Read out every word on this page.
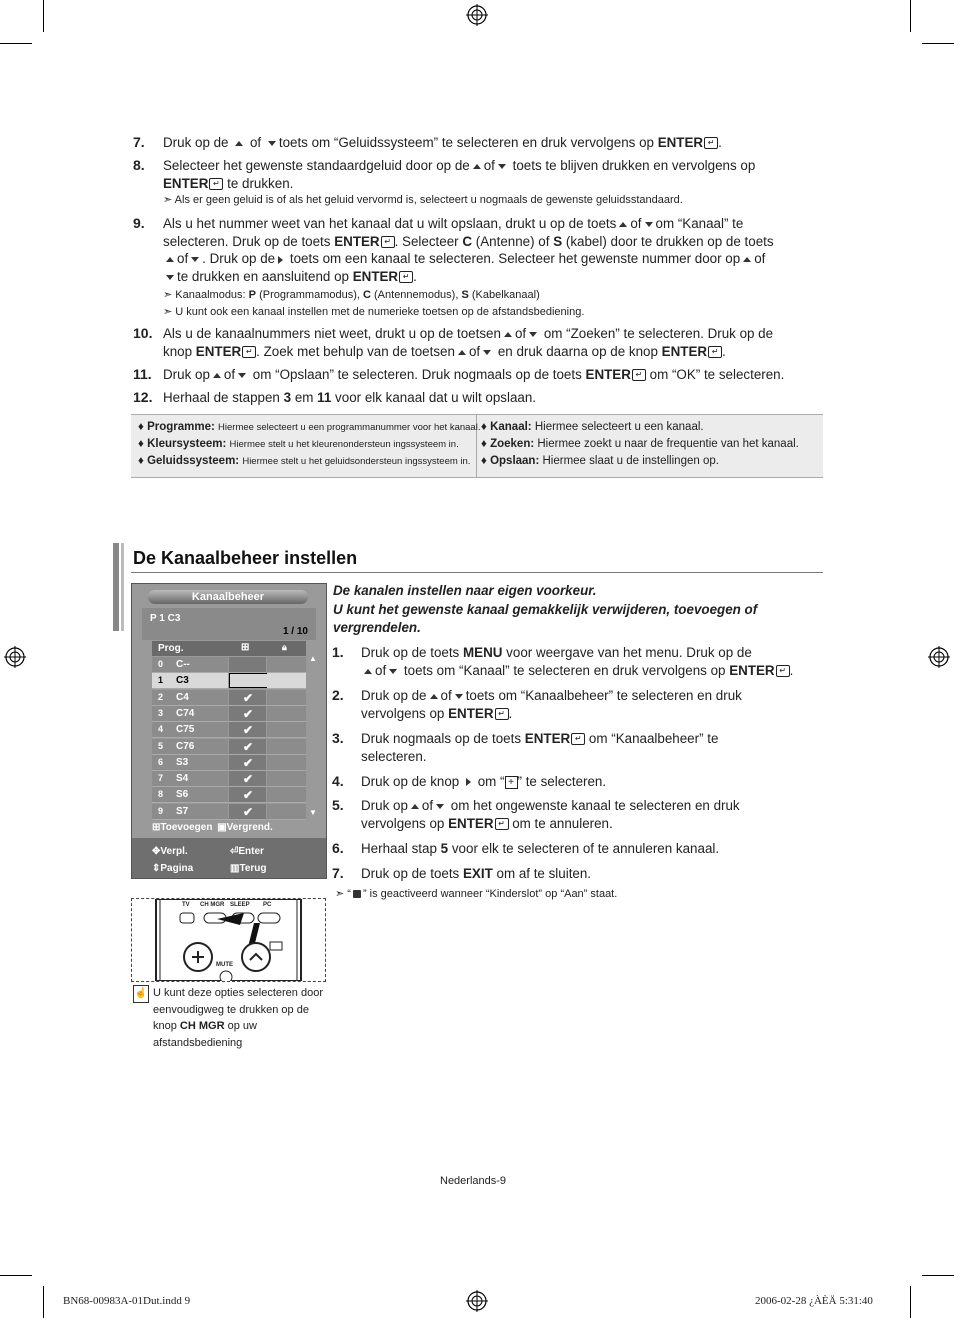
7. Druk op de  of toets om “Geluidssysteem” te selecteren en druk vervolgens op ENTER ↵ .
8. Selecteer het gewenste standaardgeluid door op de of toets te blijven drukken en vervolgens op
ENTER ↵ te drukken.
➣ Als er geen geluid is of als het geluid vervormd is, selecteert u nogmaals de gewenste geluidsstandaard.
9. Als u het nummer weet van het kanaal dat u wilt opslaan, drukt u op de toets of om “Kanaal” te
selecteren. Druk op de toets ENTER ↵ . Selecteer C (Antenne) of S (kabel) door te drukken op de toets
of . Druk op de toets om een kanaal te selecteren. Selecteer het gewenste nummer door op of
te drukken en aansluitend op ENTER ↵ .
➣ Kanaalmodus: P (Programmamodus), C (Antennemodus), S (Kabelkanaal)
➣ U kunt ook een kanaal instellen met de numerieke toetsen op de afstandsbediening.
10. Als u de kanaalnummers niet weet, drukt u op de toetsen of om “Zoeken” te selecteren. Druk op de
knop ENTER ↵ . Zoek met behulp van de toetsen of en druk daarna op de knop ENTER ↵ .
11. Druk op of om “Opslaan” te selecteren. Druk nogmaals op de toets ENTER ↵ om “OK” te selecteren.
12. Herhaal de stappen 3 em 11 voor elk kanaal dat u wilt opslaan.
♦ Programme: Hiermee selecteert u een programmanummer voor het kanaal.
♦ Kleursysteem: Hiermee stelt u het kleurenondersteun ingssysteem in.
♦ Geluidssysteem: Hiermee stelt u het geluidsondersteun ingssysteem in.
♦ Kanaal: Hiermee selecteert u een kanaal.
♦ Zoeken: Hiermee zoekt u naar de frequentie van het kanaal.
♦ Opslaan: Hiermee slaat u de instellingen op.
De Kanaalbeheer instellen
De kanalen instellen naar eigen voorkeur.
U kunt het gewenste kanaal gemakkelijk verwijderen, toevoegen of
vergrendelen.
1. Druk op de toets MENU voor weergave van het menu. Druk op de
of toets om “Kanaal” te selecteren en druk vervolgens op ENTER ↵ .
2. Druk op de of toets om “Kanaalbeheer” te selecteren en druk
vervolgens op ENTER ↵ .
3. Druk nogmaals op de toets ENTER ↵ om “Kanaalbeheer” te
selecteren.
4. Druk op de knop om “ + ” te selecteren.
5. Druk op of om het ongewenste kanaal te selecteren en druk
vervolgens op ENTER ↵ om te annuleren.
6. Herhaal stap 5 voor elk te selecteren of te annuleren kanaal.
7. Druk op de toets EXIT om af te sluiten.
➣ “ ” is geactiveerd wanneer “Kinderslot” op “Aan” staat.
Kanaalbeheer
P 1 C3
1 / 10
Prog.	⊞	🔒︎
0 C--
1 C3
2 C4	✔
3 C74	✔
4 C75	✔
5 C76	✔
6 S3	✔
7 S4	✔
8 S6	✔
9 S7	✔
▲
▼
⊞Toevoegen ▣Vergrend.
✥Verpl.	⏎Enter
⇕Pagina	▥Terug
TV CH MGR SLEEP PC
MUTE
☝ U kunt deze opties selecteren door eenvoudigweg te drukken op de knop CH MGR op uw afstandsbediening
Nederlands-9
BN68-00983A-01Dut.indd 9	2006-02-28 ¿ÀÈÄ 5:31:40
